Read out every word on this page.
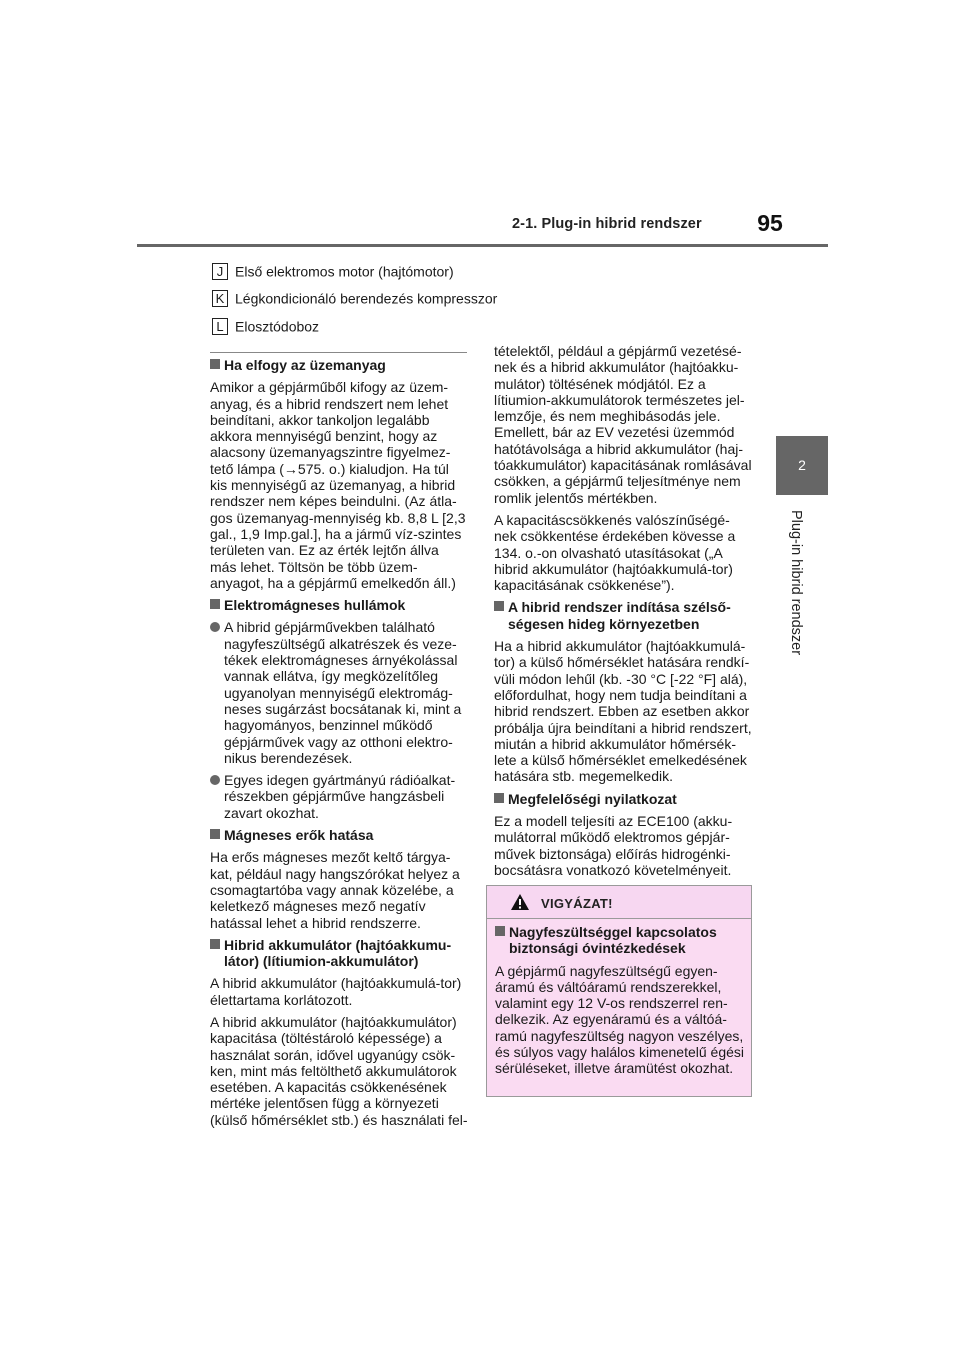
2-1. Plug-in hibrid rendszer	95
2
Plug-in hibrid rendszer
J Első elektromos motor (hajtómotor)
K Légkondicionáló berendezés kompresszor
L Elosztódoboz

Ha elfogy az üzemanyag

Amikor a gépjárműből kifogy az üzem-anyag, és a hibrid rendszert nem lehet beindítani, akkor tankoljon legalább akkora mennyiségű benzint, hogy az alacsony üzemanyagszintre figyelmez-tető lámpa (→575. o.) kialudjon. Ha túl kis mennyiségű az üzemanyag, a hibrid rendszer nem képes beindulni. (Az átla-gos üzemanyag-mennyiség kb. 8,8 L [2,3 gal., 1,9 Imp.gal.], ha a jármű víz-szintes területen van. Ez az érték lejtőn állva más lehet. Töltsön be több üzem-anyagot, ha a gépjármű emelkedőn áll.)

Elektromágneses hullámok

A hibrid gépjárművekben található nagyfeszültségű alkatrészek és veze-tékek elektromágneses árnyékolással vannak ellátva, így megközelítőleg ugyanolyan mennyiségű elektromág-neses sugárzást bocsátanak ki, mint a hagyományos, benzinnel működő gépjárművek vagy az otthoni elektro-nikus berendezések.
Egyes idegen gyártmányú rádióalkat-részekben gépjárműve hangzásbeli zavart okozhat.

Mágneses erők hatása

Ha erős mágneses mezőt keltő tárgya-kat, például nagy hangszórókat helyez a csomagtartóba vagy annak közelébe, a keletkező mágneses mező negatív hatással lehet a hibrid rendszerre.

Hibrid akkumulátor (hajtóakkumu-látor) (lítiumion-akkumulátor)

A hibrid akkumulátor (hajtóakkumulá-tor) élettartama korlátozott.

A hibrid akkumulátor (hajtóakkumulátor) kapacitása (töltéstároló képessége) a használat során, idővel ugyanúgy csök-ken, mint más feltölthető akkumulátorok esetében. A kapacitás csökkenésének mértéke jelentősen függ a környezeti (külső hőmérséklet stb.) és használati fel-

tételektől, például a gépjármű vezetésé-nek és a hibrid akkumulátor (hajtóakku-mulátor) töltésének módjától. Ez a lítiumion-akkumulátorok természetes jel-lemzője, és nem meghibásodás jele. Emellett, bár az EV vezetési üzemmód hatótávolsága a hibrid akkumulátor (haj-tóakkumulátor) kapacitásának romlásával csökken, a gépjármű teljesítménye nem romlik jelentős mértékben.

A kapacitáscsökkenés valószínűségé-nek csökkentése érdekében kövesse a 134. o.-on olvasható utasításokat („A hibrid akkumulátor (hajtóakkumulá-tor) kapacitásának csökkenése”).

A hibrid rendszer indítása szélső-ségesen hideg környezetben

Ha a hibrid akkumulátor (hajtóakkumulá-tor) a külső hőmérséklet hatására rendkí-vüli módon lehűl (kb. -30 °C [-22 °F] alá), előfordulhat, hogy nem tudja beindítani a hibrid rendszert. Ebben az esetben akkor próbálja újra beindítani a hibrid rendszert, miután a hibrid akkumulátor hőmérsék-lete a külső hőmérséklet emelkedésének hatására stb. megemelkedik.

Megfelelőségi nyilatkozat

Ez a modell teljesíti az ECE100 (akku-mulátorral működő elektromos gépjár-művek biztonsága) előírás hidrogénki-bocsátásra vonatkozó követelményeit.

VIGYÁZAT!

Nagyfeszültséggel kapcsolatos biztonsági óvintézkedések

A gépjármű nagyfeszültségű egyen-áramú és váltóáramú rendszerekkel, valamint egy 12 V-os rendszerrel ren-delkezik. Az egyenáramú és a váltóá-ramú nagyfeszültség nagyon veszélyes, és súlyos vagy halálos kimenetelű égési sérüléseket, illetve áramütést okozhat.
